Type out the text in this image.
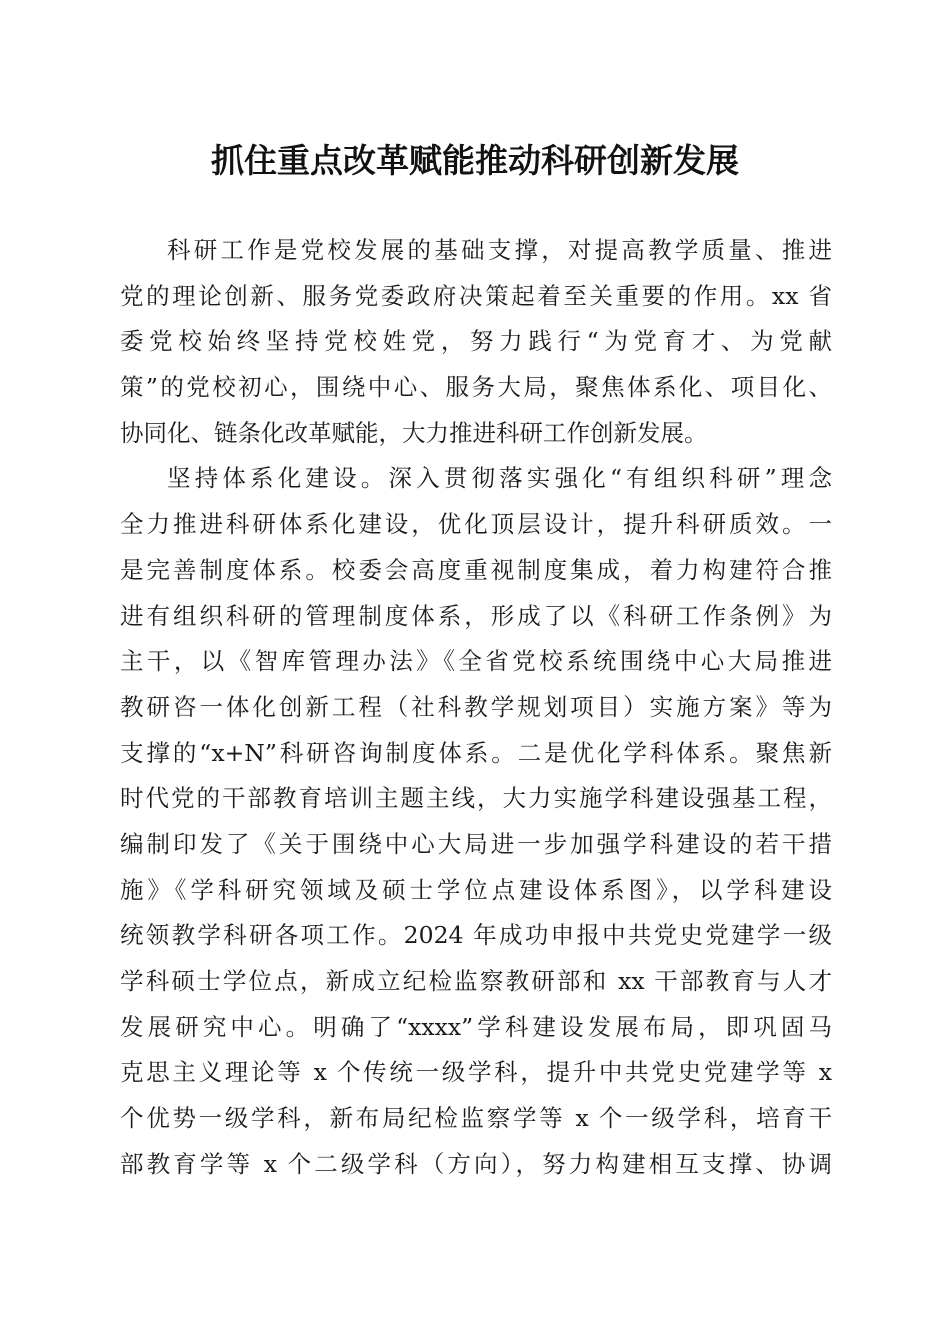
抓住重点改革赋能推动科研创新发展
科研工作是党校发展的基础支撑，对提高教学质量、推进
党的理论创新、服务党委政府决策起着至关重要的作用。xx 省
委党校始终坚持党校姓党，努力践行“为党育才、为党献
策”的党校初心，围绕中心、服务大局，聚焦体系化、项目化、
协同化、链条化改革赋能，大力推进科研工作创新发展。
坚持体系化建设。深入贯彻落实强化“有组织科研”理念
全力推进科研体系化建设，优化顶层设计，提升科研质效。一
是完善制度体系。校委会高度重视制度集成，着力构建符合推
进有组织科研的管理制度体系，形成了以《科研工作条例》为
主干，以《智库管理办法》《全省党校系统围绕中心大局推进
教研咨一体化创新工程（社科教学规划项目）实施方案》等为
支撑的“x+N”科研咨询制度体系。二是优化学科体系。聚焦新
时代党的干部教育培训主题主线，大力实施学科建设强基工程，
编制印发了《关于围绕中心大局进一步加强学科建设的若干措
施》《学科研究领域及硕士学位点建设体系图》，以学科建设
统领教学科研各项工作。2024 年成功申报中共党史党建学一级
学科硕士学位点，新成立纪检监察教研部和 xx 干部教育与人才
发展研究中心。明确了“xxxx”学科建设发展布局，即巩固马
克思主义理论等 x 个传统一级学科，提升中共党史党建学等 x
个优势一级学科，新布局纪检监察学等 x 个一级学科，培育干
部教育学等 x 个二级学科（方向），努力构建相互支撑、协调
